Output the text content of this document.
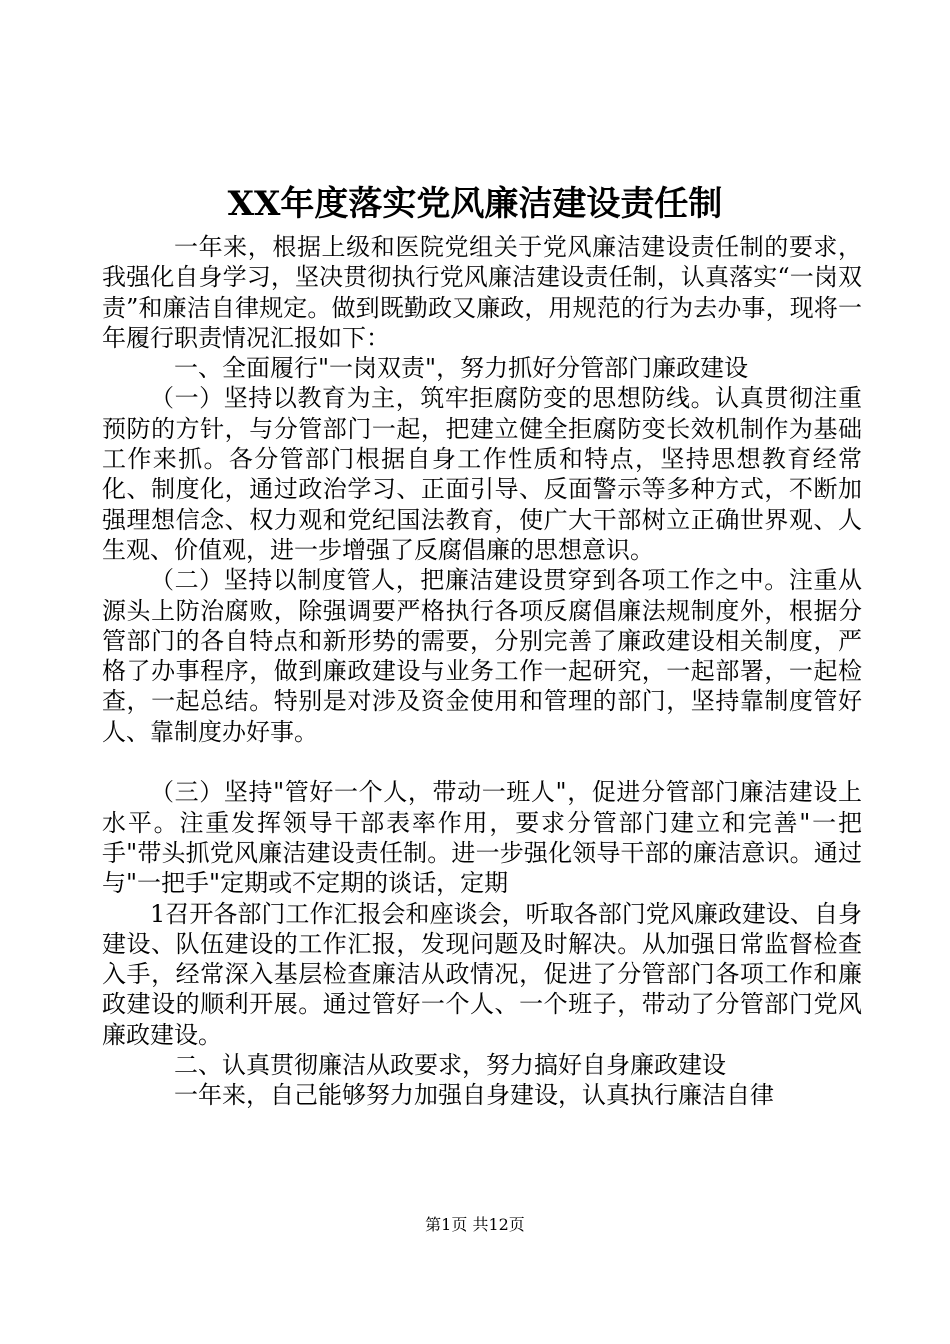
XX年度落实党风廉洁建设责任制

一年来，根据上级和医院党组关于党风廉洁建设责任制的要求，我强化自身学习，坚决贯彻执行党风廉洁建设责任制，认真落实“一岗双责”和廉洁自律规定。做到既勤政又廉政，用规范的行为去办事，现将一年履行职责情况汇报如下：

一、全面履行"一岗双责"，努力抓好分管部门廉政建设

（一）坚持以教育为主，筑牢拒腐防变的思想防线。认真贯彻注重预防的方针，与分管部门一起，把建立健全拒腐防变长效机制作为基础工作来抓。各分管部门根据自身工作性质和特点，坚持思想教育经常化、制度化，通过政治学习、正面引导、反面警示等多种方式，不断加强理想信念、权力观和党纪国法教育，使广大干部树立正确世界观、人生观、价值观，进一步增强了反腐倡廉的思想意识。

（二）坚持以制度管人，把廉洁建设贯穿到各项工作之中。注重从源头上防治腐败，除强调要严格执行各项反腐倡廉法规制度外，根据分管部门的各自特点和新形势的需要，分别完善了廉政建设相关制度，严格了办事程序，做到廉政建设与业务工作一起研究，一起部署，一起检查，一起总结。特别是对涉及资金使用和管理的部门，坚持靠制度管好人、靠制度办好事。

（三）坚持"管好一个人，带动一班人"，促进分管部门廉洁建设上水平。注重发挥领导干部表率作用，要求分管部门建立和完善"一把手"带头抓党风廉洁建设责任制。进一步强化领导干部的廉洁意识。通过与"一把手"定期或不定期的谈话，定期

1召开各部门工作汇报会和座谈会，听取各部门党风廉政建设、自身建设、队伍建设的工作汇报，发现问题及时解决。从加强日常监督检查入手，经常深入基层检查廉洁从政情况，促进了分管部门各项工作和廉政建设的顺利开展。通过管好一个人、一个班子，带动了分管部门党风廉政建设。

二、认真贯彻廉洁从政要求，努力搞好自身廉政建设

一年来，自己能够努力加强自身建设，认真执行廉洁自律

第1页 共12页
